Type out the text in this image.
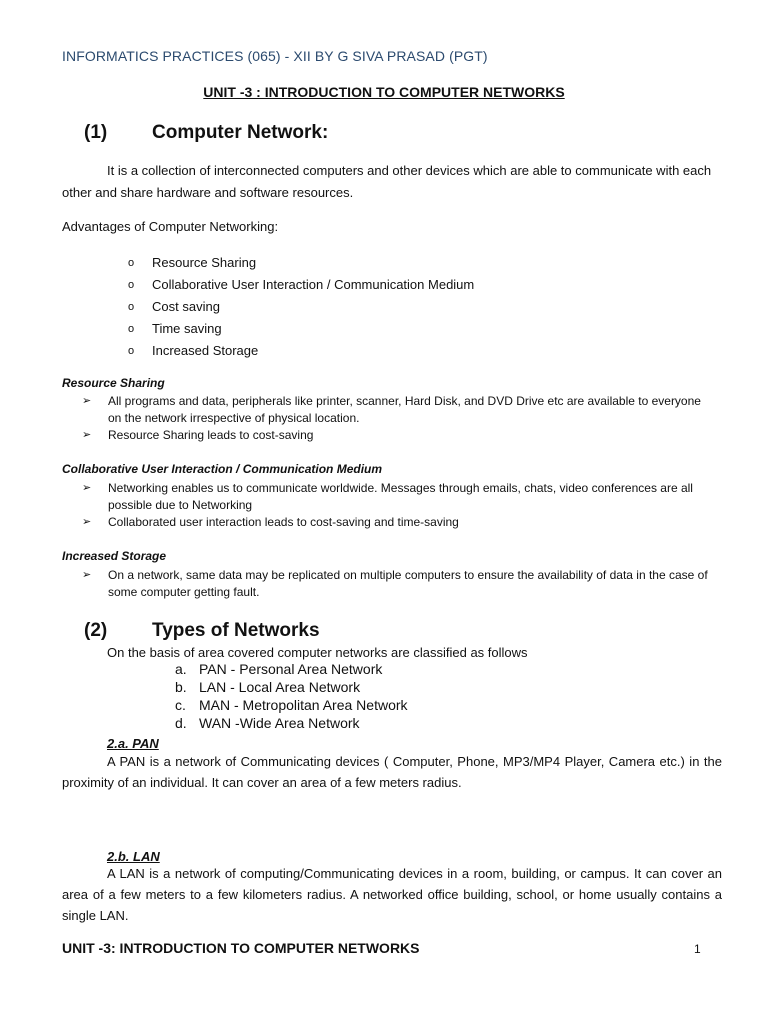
INFORMATICS PRACTICES (065) - XII BY G SIVA PRASAD (PGT)

UNIT -3 : INTRODUCTION TO COMPUTER NETWORKS

(1) Computer Network:

It is a collection of interconnected computers and other devices which are able to communicate with each other and share hardware and software resources.

Advantages of Computer Networking:

o	Resource Sharing
o	Collaborative User Interaction / Communication Medium
o	Cost saving
o	Time saving
o	Increased Storage

Resource Sharing

➢	All programs and data, peripherals like printer, scanner, Hard Disk, and DVD Drive etc are available to everyone on the network irrespective of physical location.
➢	Resource Sharing leads to cost-saving

Collaborative User Interaction / Communication Medium

➢	Networking enables us to communicate worldwide. Messages through emails, chats, video conferences are all possible due to Networking
➢	Collaborated user interaction leads to cost-saving and time-saving

Increased Storage

➢	On a network, same data may be replicated on multiple computers to ensure the availability of data in the case of some computer getting fault.
(2) Types of Networks

On the basis of area covered computer networks are classified as follows

a. PAN - Personal Area Network
b. LAN - Local Area Network
c. MAN - Metropolitan Area Network
d. WAN -Wide Area Network

2.a. PAN

A PAN is a network of Communicating devices ( Computer, Phone, MP3/MP4 Player, Camera etc.) in the proximity of an individual. It can cover an area of a few meters radius.

2.b. LAN

A LAN is a network of computing/Communicating devices in a room, building, or campus. It can cover an area of a few meters to a few kilometers radius. A networked office building, school, or home usually contains a single LAN.

UNIT -3: INTRODUCTION TO COMPUTER NETWORKS	1
